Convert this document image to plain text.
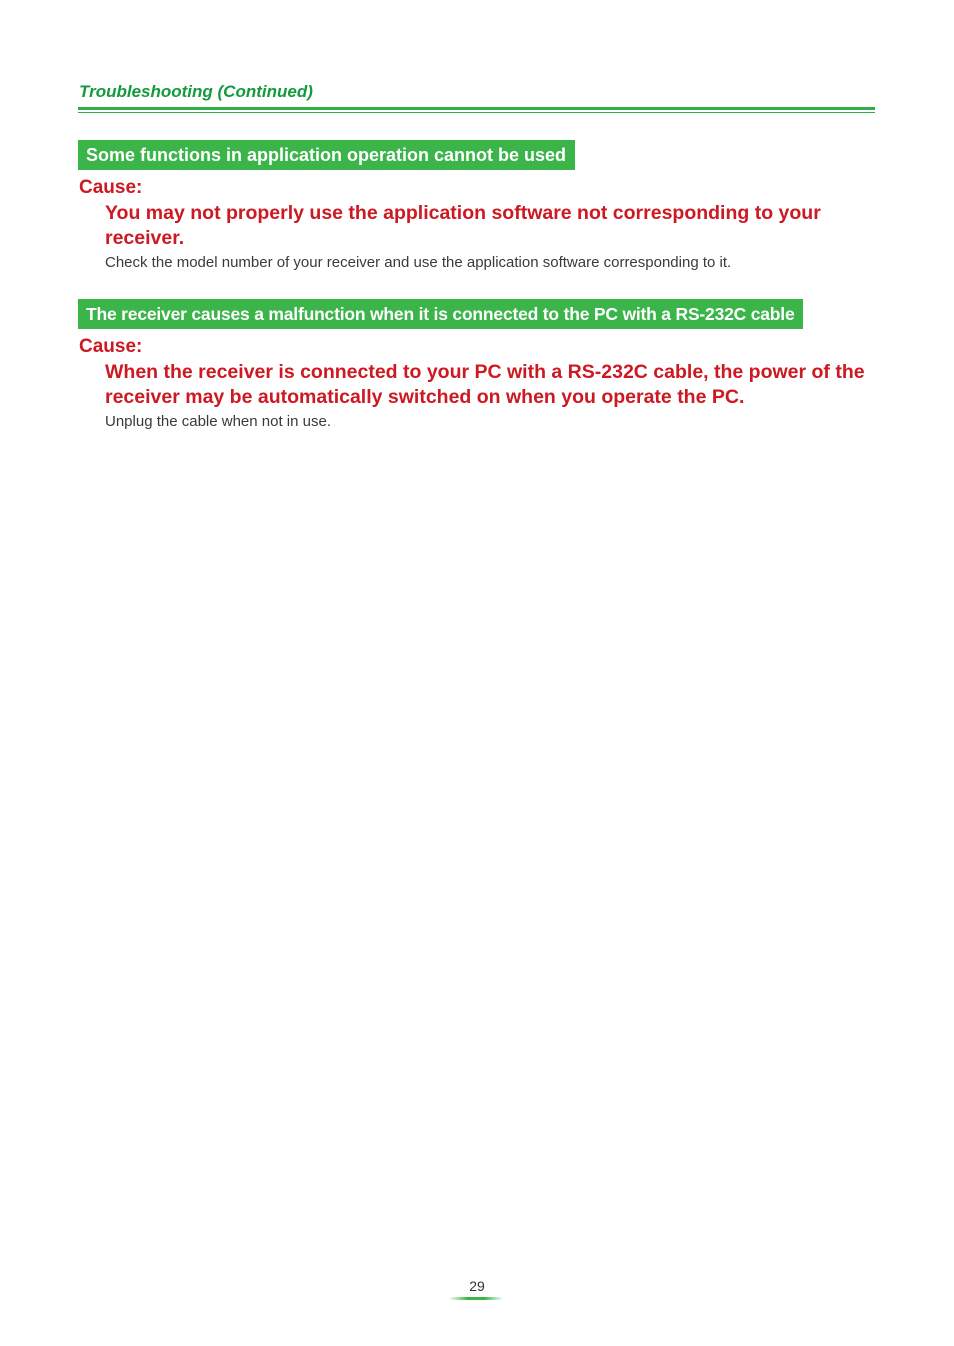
Troubleshooting (Continued)
Some functions in application operation cannot be used
Cause:
You may not properly use the application software not corresponding to your receiver.
Check the model number of your receiver and use the application software corresponding to it.
The receiver causes a malfunction when it is connected to the PC with a RS-232C cable
Cause:
When the receiver is connected to your PC with a RS-232C cable, the power of the receiver may be automatically switched on when you operate the PC.
Unplug the cable when not in use.
29
